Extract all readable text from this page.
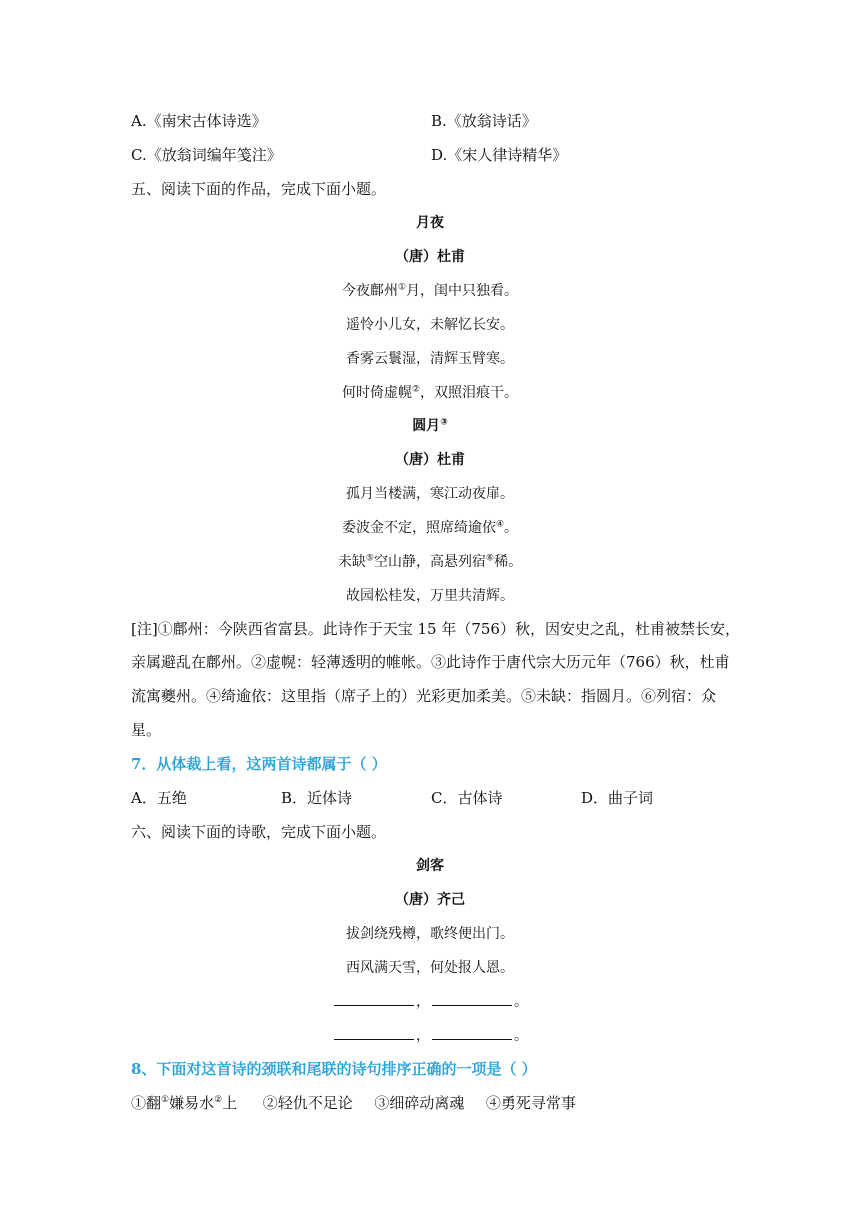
A.《南宋古体诗选》	B.《放翁诗话》
C.《放翁词编年笺注》	D.《宋人律诗精华》
五、阅读下面的作品，完成下面小题。
月夜
（唐）杜甫
今夜鄜州①月，闺中只独看。
遥怜小儿女，未解忆长安。
香雾云鬟湿，清辉玉臂寒。
何时倚虚幌②，双照泪痕干。
圆月③
（唐）杜甫
孤月当楼满，寒江动夜扉。
委波金不定，照席绮逾依④。
未缺⑤空山静，高悬列宿⑥稀。
故园松桂发，万里共清辉。
[注]①鄜州：今陕西省富县。此诗作于天宝 15 年（756）秋，因安史之乱，杜甫被禁长安，
亲属避乱在鄜州。②虚幌：轻薄透明的帷帐。③此诗作于唐代宗大历元年（766）秋，杜甫
流寓夔州。④绮逾依：这里指（席子上的）光彩更加柔美。⑤未缺：指圆月。⑥列宿：众
星。
7．从体裁上看，这两首诗都属于（ ）
A．五绝	B．近体诗	C．古体诗	D．曲子词
六、阅读下面的诗歌，完成下面小题。
剑客
（唐）齐己
拔剑绕残樽，歌终便出门。
西风满天雪，何处报人恩。
，	。
，	。
8、下面对这首诗的颈联和尾联的诗句排序正确的一项是（ ）
①翻①嫌易水②上 ②轻仇不足论 ③细碎动离魂 ④勇死寻常事
